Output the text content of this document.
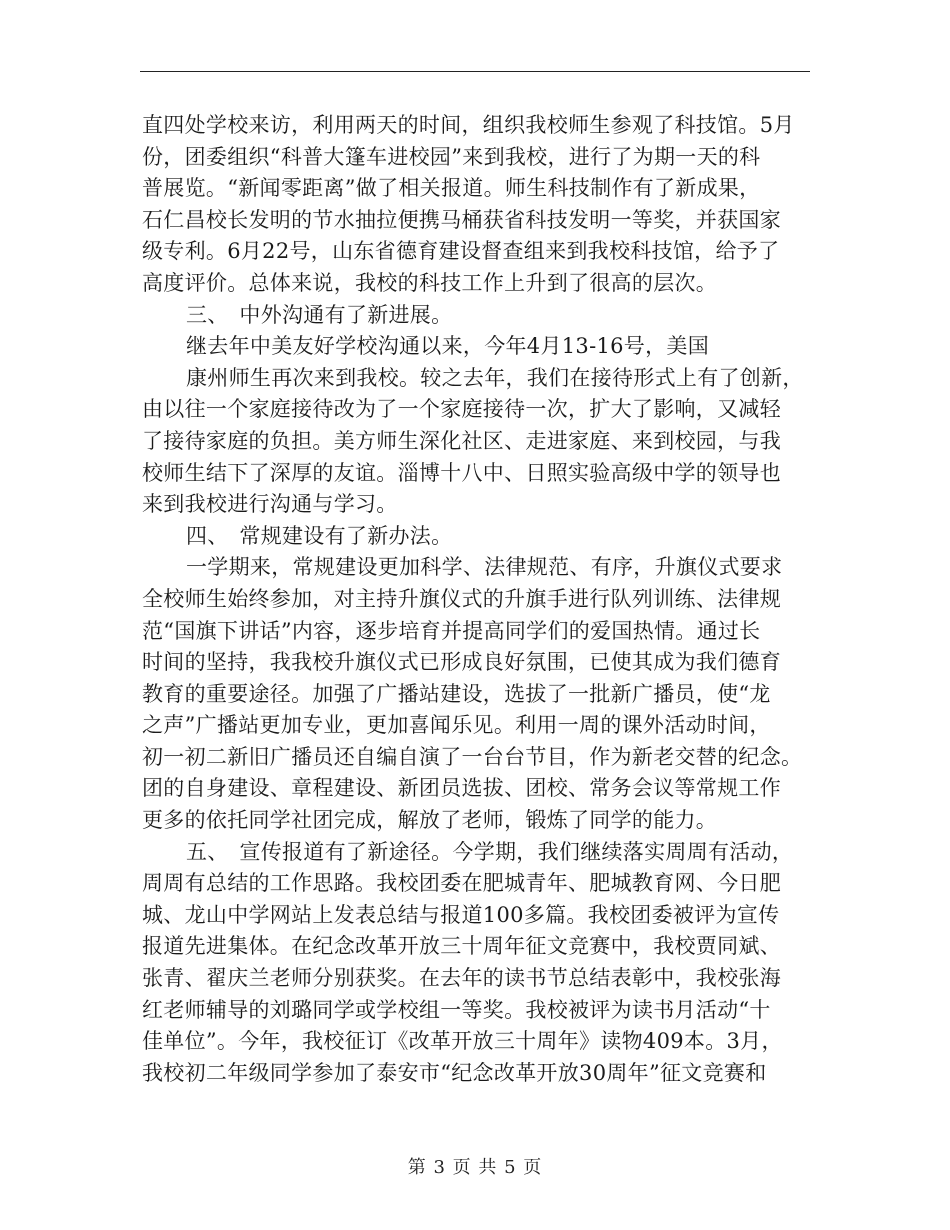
直四处学校来访，利用两天的时间，组织我校师生参观了科技馆。5月
份，团委组织“科普大篷车进校园”来到我校，进行了为期一天的科
普展览。“新闻零距离”做了相关报道。师生科技制作有了新成果，
石仁昌校长发明的节水抽拉便携马桶获省科技发明一等奖，并获国家
级专利。6月22号，山东省德育建设督查组来到我校科技馆，给予了
高度评价。总体来说，我校的科技工作上升到了很高的层次。
三、　中外沟通有了新进展。
继去年中美友好学校沟通以来，今年4月13-16号，美国
康州师生再次来到我校。较之去年，我们在接待形式上有了创新，
由以往一个家庭接待改为了一个家庭接待一次，扩大了影响，又减轻
了接待家庭的负担。美方师生深化社区、走进家庭、来到校园，与我
校师生结下了深厚的友谊。淄博十八中、日照实验高级中学的领导也
来到我校进行沟通与学习。
四、　常规建设有了新办法。
一学期来，常规建设更加科学、法律规范、有序，升旗仪式要求
全校师生始终参加，对主持升旗仪式的升旗手进行队列训练、法律规
范“国旗下讲话”内容，逐步培育并提高同学们的爱国热情。通过长
时间的坚持，我我校升旗仪式已形成良好氛围，已使其成为我们德育
教育的重要途径。加强了广播站建设，选拔了一批新广播员，使“龙
之声”广播站更加专业，更加喜闻乐见。利用一周的课外活动时间，
初一初二新旧广播员还自编自演了一台台节目，作为新老交替的纪念。
团的自身建设、章程建设、新团员选拔、团校、常务会议等常规工作
更多的依托同学社团完成，解放了老师，锻炼了同学的能力。
五、　宣传报道有了新途径。今学期，我们继续落实周周有活动，
周周有总结的工作思路。我校团委在肥城青年、肥城教育网、今日肥
城、龙山中学网站上发表总结与报道100多篇。我校团委被评为宣传
报道先进集体。在纪念改革开放三十周年征文竞赛中，我校贾同斌、
张青、翟庆兰老师分别获奖。在去年的读书节总结表彰中，我校张海
红老师辅导的刘璐同学或学校组一等奖。我校被评为读书月活动“十
佳单位”。今年，我校征订《改革开放三十周年》读物409本。3月，
我校初二年级同学参加了泰安市“纪念改革开放30周年”征文竞赛和
第 3 页 共 5 页
